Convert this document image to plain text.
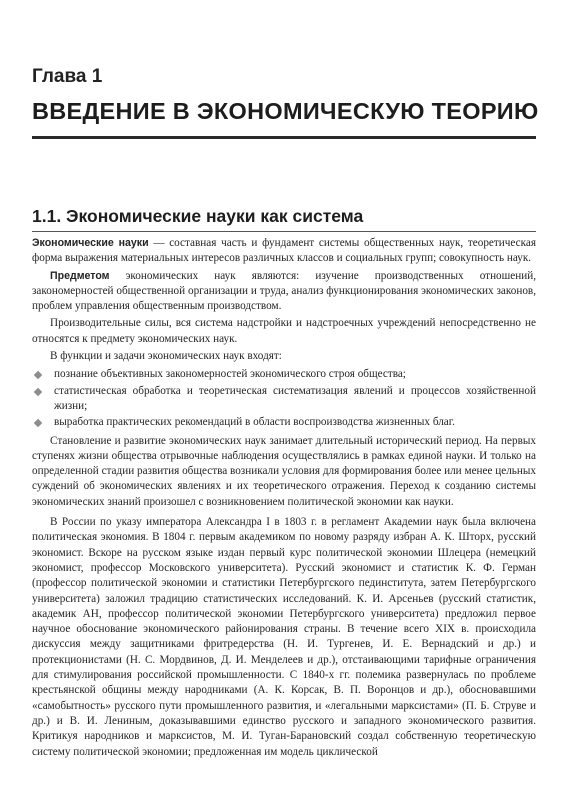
Глава 1
ВВЕДЕНИЕ В ЭКОНОМИЧЕСКУЮ ТЕОРИЮ
1.1. Экономические науки как система

Экономические науки — составная часть и фундамент системы общественных наук, теоретическая форма выражения материальных интересов различных классов и социальных групп; совокупность наук.

Предметом экономических наук являются: изучение производственных отношений, закономерностей общественной организации и труда, анализ функционирования экономических законов, проблем управления общественным производством.

Производительные силы, вся система надстройки и надстроечных учреждений непосредственно не относятся к предмету экономических наук.

В функции и задачи экономических наук входят:

познание объективных закономерностей экономического строя общества;
статистическая обработка и теоретическая систематизация явлений и процессов хозяйственной жизни;
выработка практических рекомендаций в области воспроизводства жизненных благ.

Становление и развитие экономических наук занимает длительный исторический период. На первых ступенях жизни общества отрывочные наблюдения осуществлялись в рамках единой науки. И только на определенной стадии развития общества возникали условия для формирования более или менее цельных суждений об экономических явлениях и их теоретического отражения. Переход к созданию системы экономических знаний произошел с возникновением политической экономии как науки.

В России по указу императора Александра I в 1803 г. в регламент Академии наук была включена политическая экономия. В 1804 г. первым академиком по новому разряду избран А. К. Шторх, русский экономист. Вскоре на русском языке издан первый курс политической экономии Шлецера (немецкий экономист, профессор Московского университета). Русский экономист и статистик К. Ф. Герман (профессор политической экономии и статистики Петербургского пединститута, затем Петербургского университета) заложил традицию статистических исследований. К. И. Арсеньев (русский статистик, академик АН, профессор политической экономии Петербургского университета) предложил первое научное обоснование экономического районирования страны. В течение всего XIX в. происходила дискуссия между защитниками фритредерства (Н. И. Тургенев, И. Е. Вернадский и др.) и протекционистами (Н. С. Мордвинов, Д. И. Менделеев и др.), отстаивающими тарифные ограничения для стимулирования российской промышленности. С 1840-х гг. полемика развернулась по проблеме крестьянской общины между народниками (А. К. Корсак, В. П. Воронцов и др.), обосновавшими «самобытность» русского пути промышленного развития, и «легальными марксистами» (П. Б. Струве и др.) и В. И. Лениным, доказывавшими единство русского и западного экономического развития. Критикуя народников и марксистов, М. И. Туган-Барановский создал собственную теоретическую систему политической экономии; предложенная им модель циклической
